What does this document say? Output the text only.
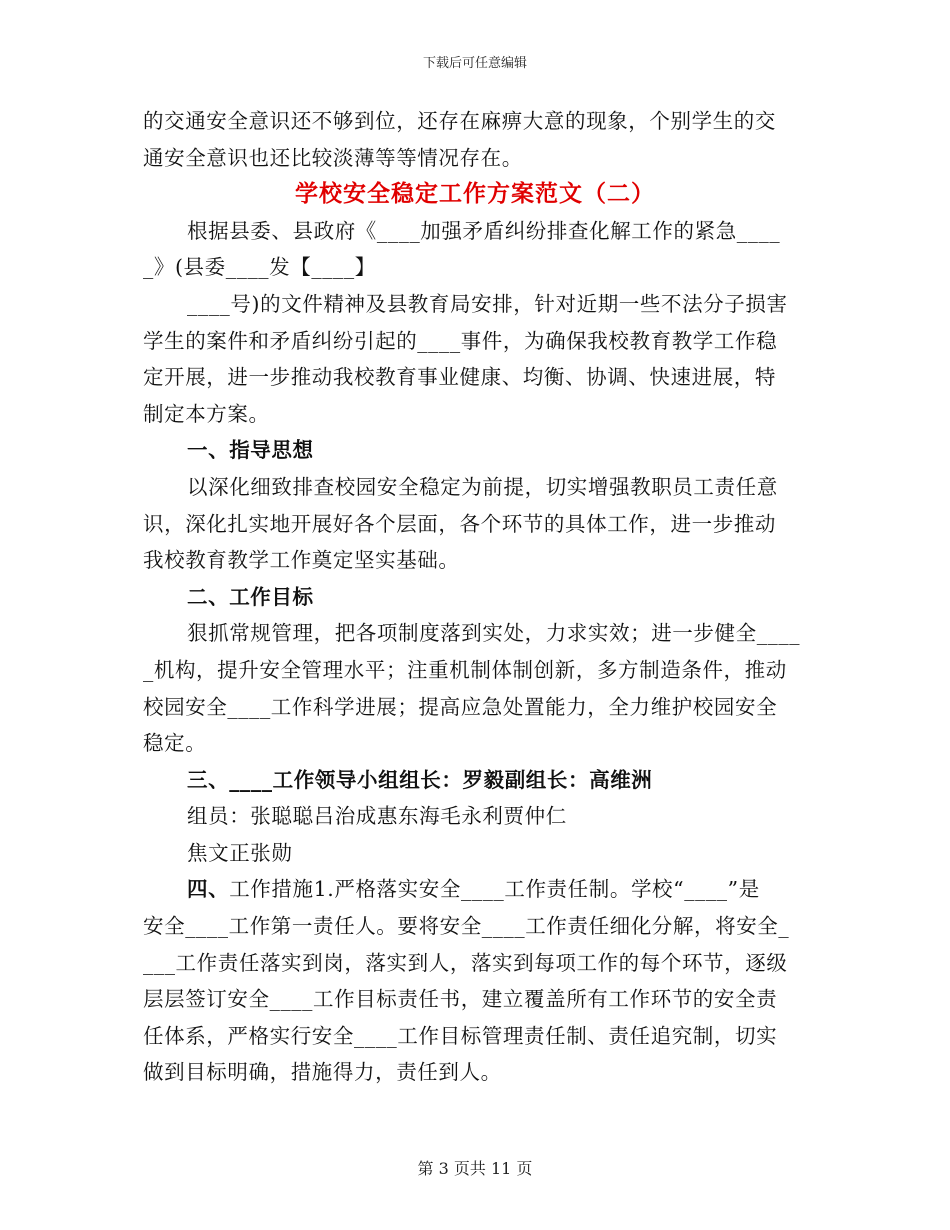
下载后可任意编辑
的交通安全意识还不够到位，还存在麻痹大意的现象，个别学生的交
通安全意识也还比较淡薄等等情况存在。
学校安全稳定工作方案范文（二）
根据县委、县政府《____加强矛盾纠纷排查化解工作的紧急____
_》(县委____发【____】
____号)的文件精神及县教育局安排，针对近期一些不法分子损害
学生的案件和矛盾纠纷引起的____事件，为确保我校教育教学工作稳
定开展，进一步推动我校教育事业健康、均衡、协调、快速进展，特
制定本方案。
一、指导思想
以深化细致排查校园安全稳定为前提，切实增强教职员工责任意
识，深化扎实地开展好各个层面，各个环节的具体工作，进一步推动
我校教育教学工作奠定坚实基础。
二、工作目标
狠抓常规管理，把各项制度落到实处，力求实效；进一步健全____
_机构，提升安全管理水平；注重机制体制创新，多方制造条件，推动
校园安全____工作科学进展；提高应急处置能力，全力维护校园安全
稳定。
三、____工作领导小组组长：罗毅副组长：高维洲
组员：张聪聪吕治成惠东海毛永利贾仲仁
焦文正张勋
四、工作措施1.严格落实安全____工作责任制。学校“____”是
安全____工作第一责任人。要将安全____工作责任细化分解，将安全_
___工作责任落实到岗，落实到人，落实到每项工作的每个环节，逐级
层层签订安全____工作目标责任书，建立覆盖所有工作环节的安全责
任体系，严格实行安全____工作目标管理责任制、责任追究制，切实
做到目标明确，措施得力，责任到人。
第 3 页共 11 页
